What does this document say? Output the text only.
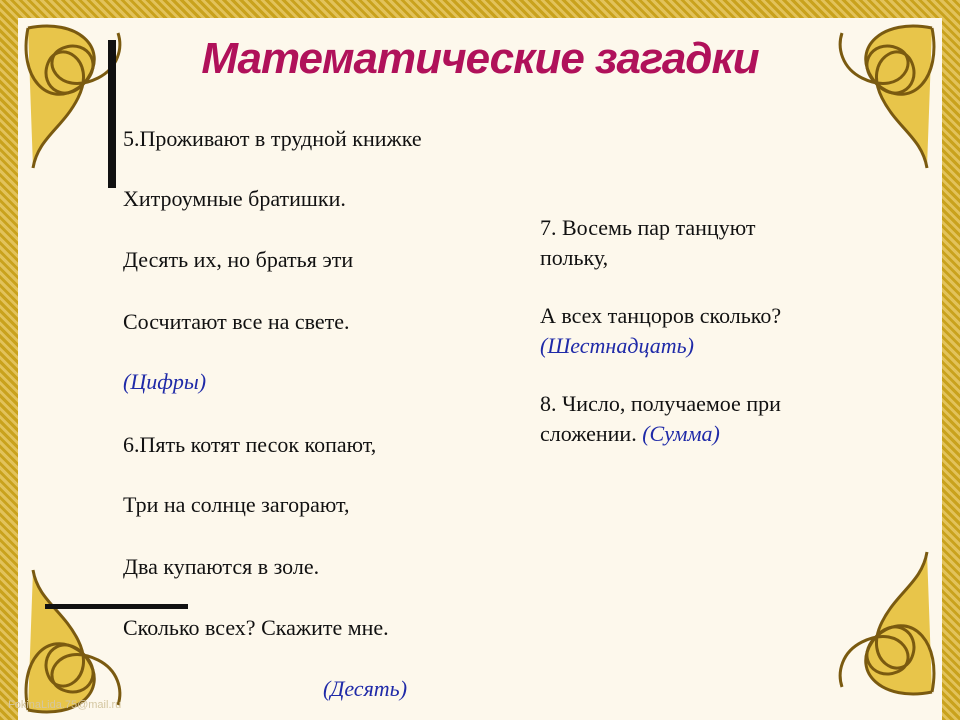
Математические загадки
5.Проживают в трудной книжке
Хитроумные братишки.
Десять их, но братья эти
Сосчитают все на свете.
(Цифры)
6.Пять котят песок копают,
Три на солнце загорают,
Два купаются в золе.
Сколько всех? Скажите мне.
(Десять)

7. Восемь пар танцуют
польку,

А всех танцоров сколько?
(Шестнадцать)

8. Число, получаемое при
сложении. (Сумма)

FokinaLida.75@mail.ru
